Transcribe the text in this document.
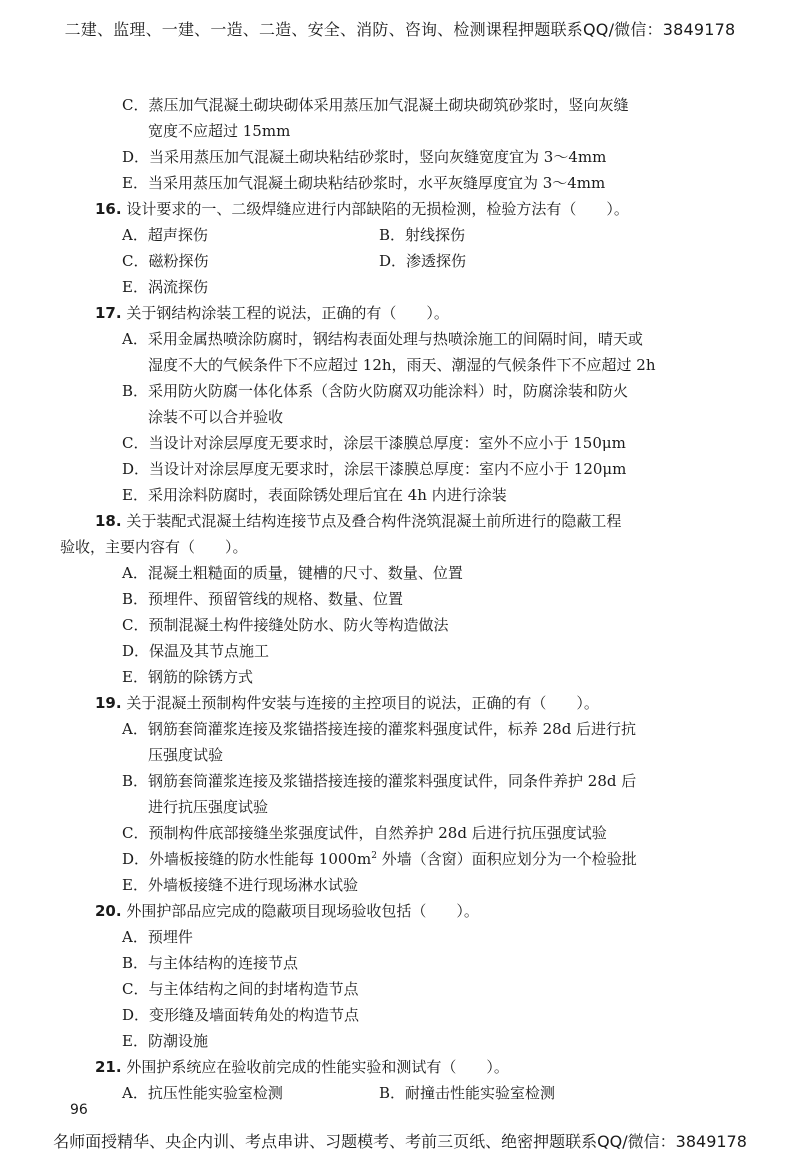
二建、监理、一建、一造、二造、安全、消防、咨询、检测课程押题联系QQ/微信：3849178
C．蒸压加气混凝土砌块砌体采用蒸压加气混凝土砌块砌筑砂浆时，竖向灰缝
宽度不应超过 15mm
D．当采用蒸压加气混凝土砌块粘结砂浆时，竖向灰缝宽度宜为 3～4mm
E．当采用蒸压加气混凝土砌块粘结砂浆时，水平灰缝厚度宜为 3～4mm
16. 设计要求的一、二级焊缝应进行内部缺陷的无损检测，检验方法有（　　）。
A．超声探伤	B．射线探伤
C．磁粉探伤	D．渗透探伤
E．涡流探伤
17. 关于钢结构涂装工程的说法，正确的有（　　）。
A．采用金属热喷涂防腐时，钢结构表面处理与热喷涂施工的间隔时间，晴天或
湿度不大的气候条件下不应超过 12h，雨天、潮湿的气候条件下不应超过 2h
B．采用防火防腐一体化体系（含防火防腐双功能涂料）时，防腐涂装和防火
涂装不可以合并验收
C．当设计对涂层厚度无要求时，涂层干漆膜总厚度：室外不应小于 150μm
D．当设计对涂层厚度无要求时，涂层干漆膜总厚度：室内不应小于 120μm
E．采用涂料防腐时，表面除锈处理后宜在 4h 内进行涂装
18. 关于装配式混凝土结构连接节点及叠合构件浇筑混凝土前所进行的隐蔽工程
验收，主要内容有（　　）。
A．混凝土粗糙面的质量，键槽的尺寸、数量、位置
B．预埋件、预留管线的规格、数量、位置
C．预制混凝土构件接缝处防水、防火等构造做法
D．保温及其节点施工
E．钢筋的除锈方式
19. 关于混凝土预制构件安装与连接的主控项目的说法，正确的有（　　）。
A．钢筋套筒灌浆连接及浆锚搭接连接的灌浆料强度试件，标养 28d 后进行抗
压强度试验
B．钢筋套筒灌浆连接及浆锚搭接连接的灌浆料强度试件，同条件养护 28d 后
进行抗压强度试验
C．预制构件底部接缝坐浆强度试件，自然养护 28d 后进行抗压强度试验
D．外墙板接缝的防水性能每 $1000m^2$ 外墙（含窗）面积应划分为一个检验批
E．外墙板接缝不进行现场淋水试验
20. 外围护部品应完成的隐蔽项目现场验收包括（　　）。
A．预埋件
B．与主体结构的连接节点
C．与主体结构之间的封堵构造节点
D．变形缝及墙面转角处的构造节点
E．防潮设施
21. 外围护系统应在验收前完成的性能实验和测试有（　　）。
A．抗压性能实验室检测	B．耐撞击性能实验室检测
96
名师面授精华、央企内训、考点串讲、习题模考、考前三页纸、绝密押题联系QQ/微信：3849178
